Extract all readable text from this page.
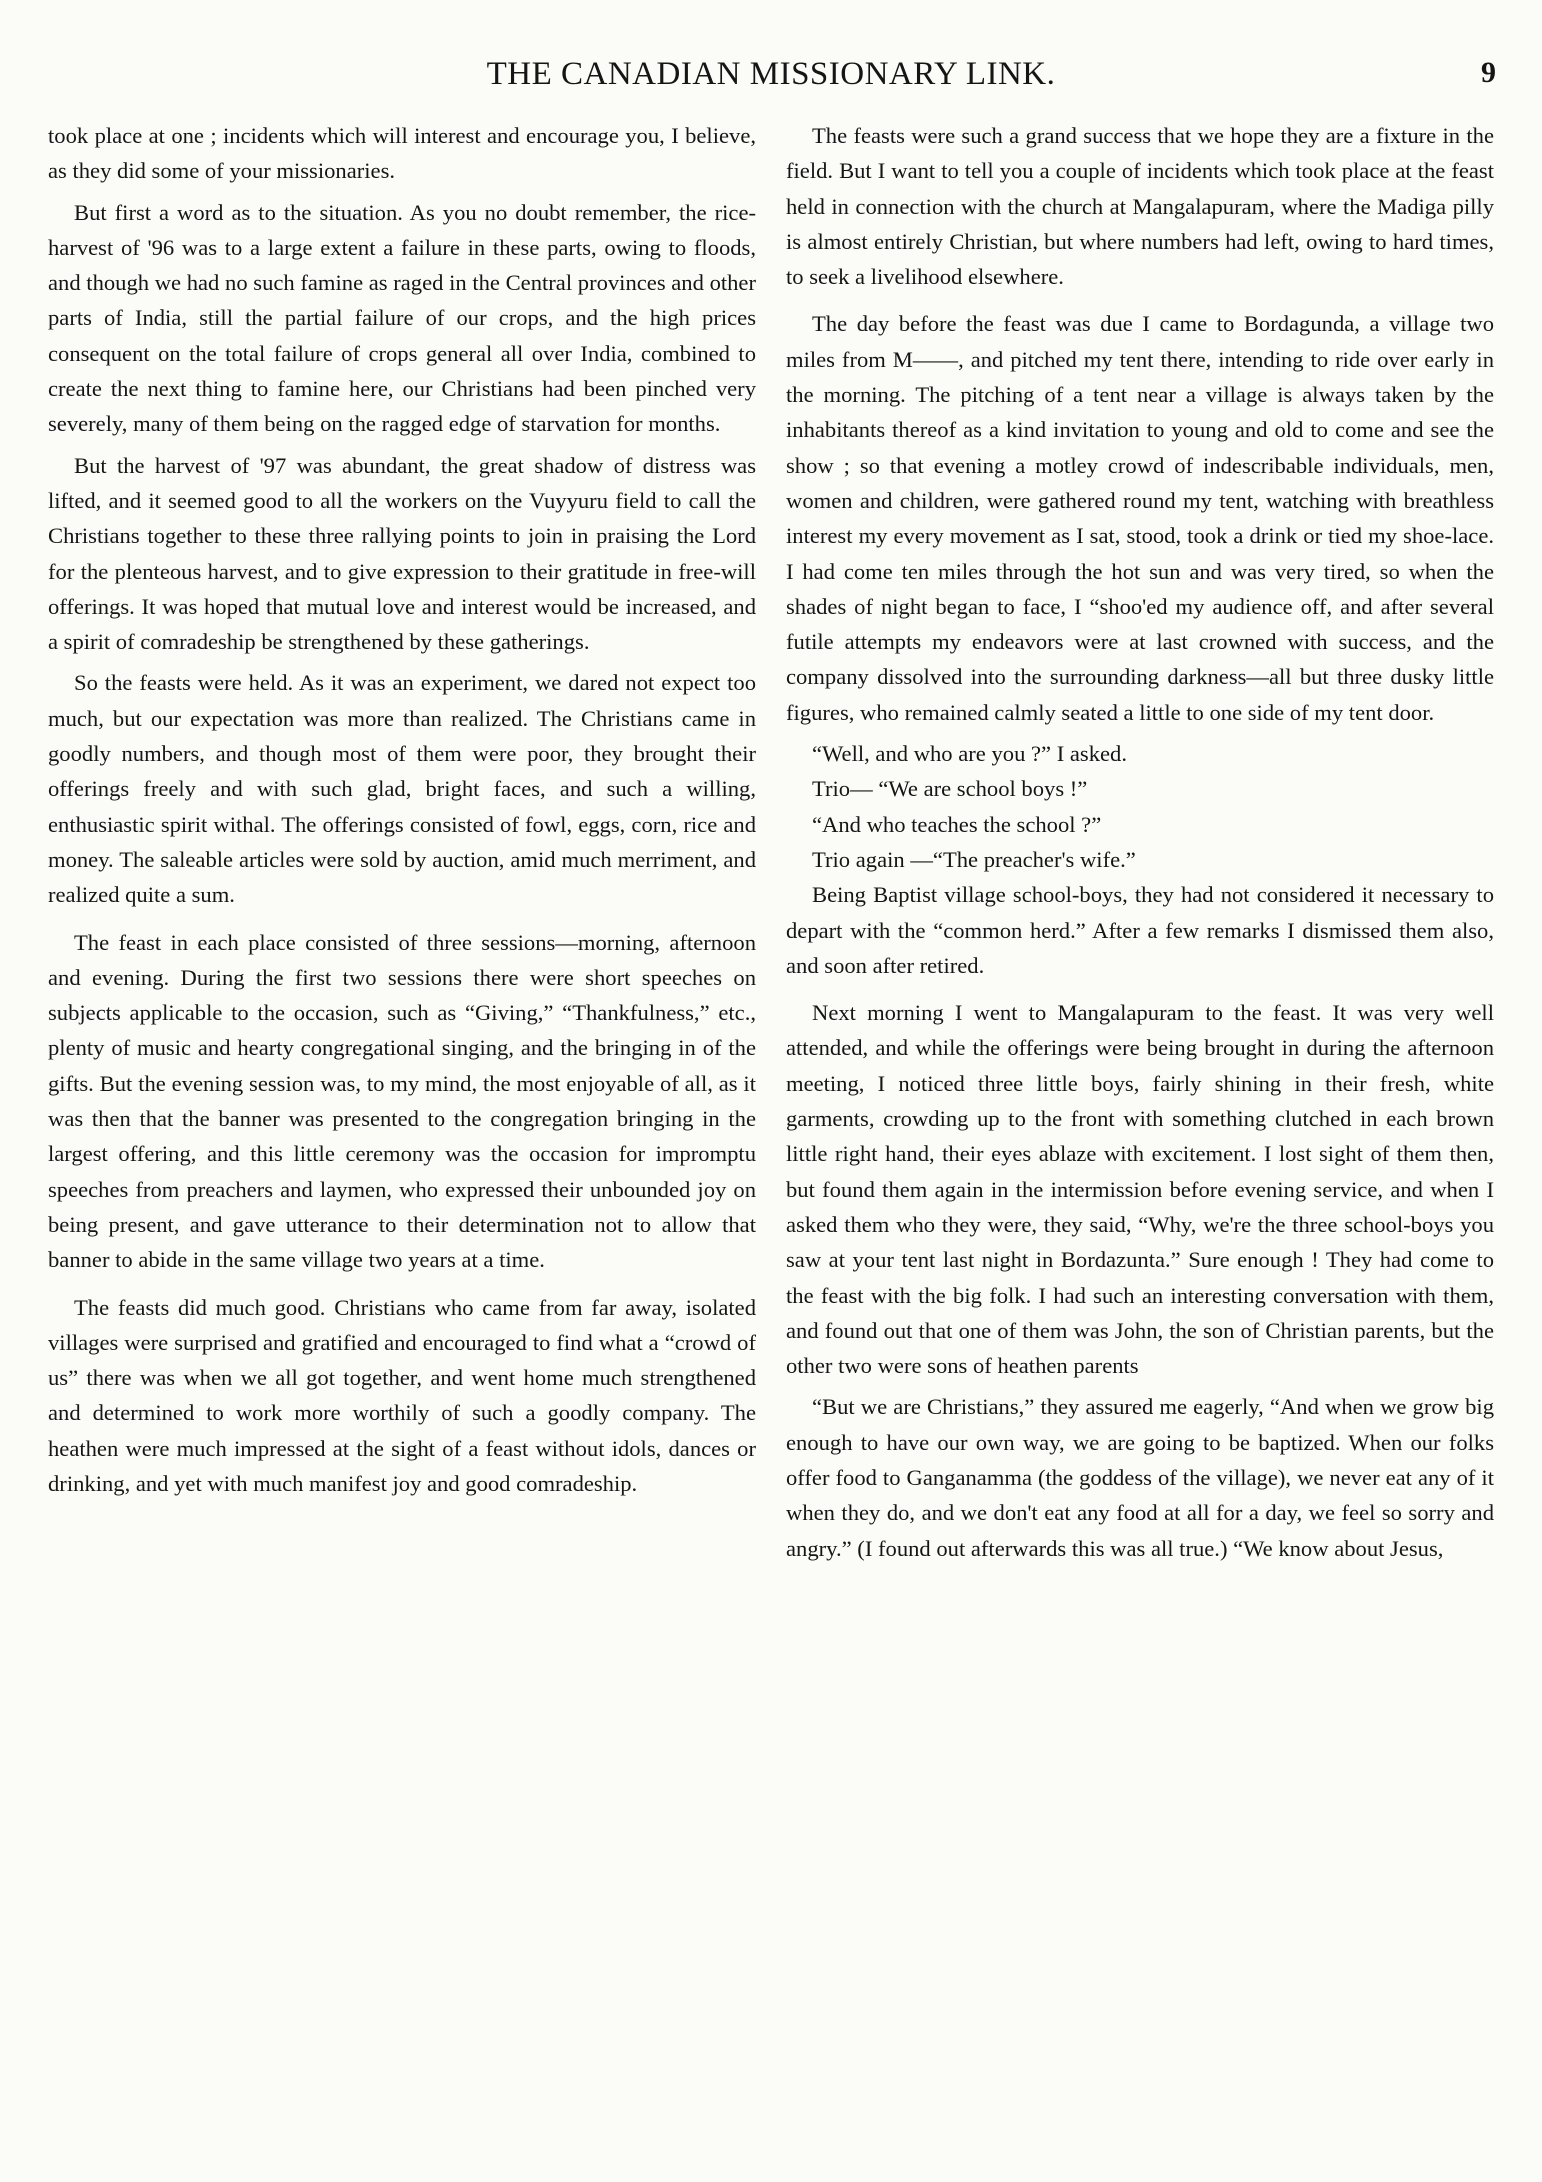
THE CANADIAN MISSIONARY LINK.	9

took place at one ; incidents which will interest and encourage you, I believe, as they did some of your missionaries.

But first a word as to the situation. As you no doubt remember, the rice-harvest of '96 was to a large extent a failure in these parts, owing to floods, and though we had no such famine as raged in the Central provinces and other parts of India, still the partial failure of our crops, and the high prices consequent on the total failure of crops general all over India, combined to create the next thing to famine here, our Christians had been pinched very severely, many of them being on the ragged edge of starvation for months.

But the harvest of '97 was abundant, the great shadow of distress was lifted, and it seemed good to all the workers on the Vuyyuru field to call the Christians together to these three rallying points to join in praising the Lord for the plenteous harvest, and to give expression to their gratitude in free-will offerings. It was hoped that mutual love and interest would be increased, and a spirit of comradeship be strengthened by these gatherings.

So the feasts were held. As it was an experiment, we dared not expect too much, but our expectation was more than realized. The Christians came in goodly numbers, and though most of them were poor, they brought their offerings freely and with such glad, bright faces, and such a willing, enthusiastic spirit withal. The offerings consisted of fowl, eggs, corn, rice and money. The saleable articles were sold by auction, amid much merriment, and realized quite a sum.

The feast in each place consisted of three sessions—morning, afternoon and evening. During the first two sessions there were short speeches on subjects applicable to the occasion, such as “Giving,” “Thankfulness,” etc., plenty of music and hearty congregational singing, and the bringing in of the gifts. But the evening session was, to my mind, the most enjoyable of all, as it was then that the banner was presented to the congregation bringing in the largest offering, and this little ceremony was the occasion for impromptu speeches from preachers and laymen, who expressed their unbounded joy on being present, and gave utterance to their determination not to allow that banner to abide in the same village two years at a time.

The feasts did much good. Christians who came from far away, isolated villages were surprised and gratified and encouraged to find what a “crowd of us” there was when we all got together, and went home much strengthened and determined to work more worthily of such a goodly company. The heathen were much impressed at the sight of a feast without idols, dances or drinking, and yet with much manifest joy and good comradeship.

The feasts were such a grand success that we hope they are a fixture in the field. But I want to tell you a couple of incidents which took place at the feast held in connection with the church at Mangalapuram, where the Madiga pilly is almost entirely Christian, but where numbers had left, owing to hard times, to seek a livelihood elsewhere.

The day before the feast was due I came to Bordagunda, a village two miles from M——, and pitched my tent there, intending to ride over early in the morning. The pitching of a tent near a village is always taken by the inhabitants thereof as a kind invitation to young and old to come and see the show ; so that evening a motley crowd of indescribable individuals, men, women and children, were gathered round my tent, watching with breathless interest my every movement as I sat, stood, took a drink or tied my shoe-lace. I had come ten miles through the hot sun and was very tired, so when the shades of night began to face, I “shoo'ed my audience off, and after several futile attempts my endeavors were at last crowned with success, and the company dissolved into the surrounding darkness—all but three dusky little figures, who remained calmly seated a little to one side of my tent door.

“Well, and who are you ?” I asked.

Trio— “We are school boys !”

“And who teaches the school ?”

Trio again —“The preacher's wife.”

Being Baptist village school-boys, they had not considered it necessary to depart with the “common herd.” After a few remarks I dismissed them also, and soon after retired.

Next morning I went to Mangalapuram to the feast. It was very well attended, and while the offerings were being brought in during the afternoon meeting, I noticed three little boys, fairly shining in their fresh, white garments, crowding up to the front with something clutched in each brown little right hand, their eyes ablaze with excitement. I lost sight of them then, but found them again in the intermission before evening service, and when I asked them who they were, they said, “Why, we're the three school-boys you saw at your tent last night in Bordazunta.” Sure enough ! They had come to the feast with the big folk. I had such an interesting conversation with them, and found out that one of them was John, the son of Christian parents, but the other two were sons of heathen parents

“But we are Christians,” they assured me eagerly, “And when we grow big enough to have our own way, we are going to be baptized. When our folks offer food to Ganganamma (the goddess of the village), we never eat any of it when they do, and we don't eat any food at all for a day, we feel so sorry and angry.” (I found out afterwards this was all true.) “We know about Jesus,
